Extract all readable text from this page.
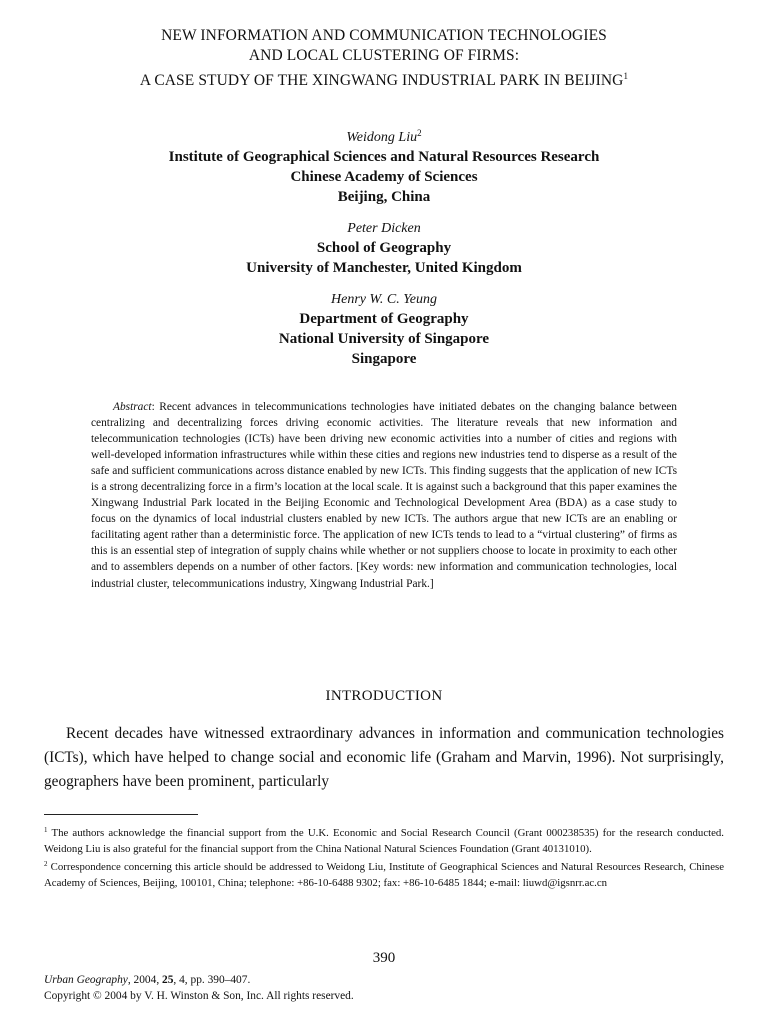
NEW INFORMATION AND COMMUNICATION TECHNOLOGIES
AND LOCAL CLUSTERING OF FIRMS:
A CASE STUDY OF THE XINGWANG INDUSTRIAL PARK IN BEIJING$^1$
Weidong Liu$^2$
Institute of Geographical Sciences and Natural Resources Research
Chinese Academy of Sciences
Beijing, China
Peter Dicken
School of Geography
University of Manchester, United Kingdom
Henry W. C. Yeung
Department of Geography
National University of Singapore
Singapore

Abstract: Recent advances in telecommunications technologies have initiated debates on the changing balance between centralizing and decentralizing forces driving economic activities. The literature reveals that new information and telecommunication technologies (ICTs) have been driving new economic activities into a number of cities and regions with well-developed information infrastructures while within these cities and regions new industries tend to disperse as a result of the safe and sufficient communications across distance enabled by new ICTs. This finding suggests that the application of new ICTs is a strong decentralizing force in a firm’s location at the local scale. It is against such a background that this paper examines the Xingwang Industrial Park located in the Beijing Economic and Technological Development Area (BDA) as a case study to focus on the dynamics of local industrial clusters enabled by new ICTs. The authors argue that new ICTs are an enabling or facilitating agent rather than a deterministic force. The application of new ICTs tends to lead to a “virtual clustering” of firms as this is an essential step of integration of supply chains while whether or not suppliers choose to locate in proximity to each other and to assemblers depends on a number of other factors. [Key words: new information and communication technologies, local industrial cluster, telecommunications industry, Xingwang Industrial Park.]

INTRODUCTION

Recent decades have witnessed extraordinary advances in information and communication technologies (ICTs), which have helped to change social and economic life (Graham and Marvin, 1996). Not surprisingly, geographers have been prominent, particularly

$^1$ The authors acknowledge the financial support from the U.K. Economic and Social Research Council (Grant 000238535) for the research conducted. Weidong Liu is also grateful for the financial support from the China National Natural Sciences Foundation (Grant 40131010).

$^2$ Correspondence concerning this article should be addressed to Weidong Liu, Institute of Geographical Sciences and Natural Resources Research, Chinese Academy of Sciences, Beijing, 100101, China; telephone: +86-10-6488 9302; fax: +86-10-6485 1844; e-mail: liuwd@igsnrr.ac.cn

390
Urban Geography, 2004, 25, 4, pp. 390–407.
Copyright © 2004 by V. H. Winston & Son, Inc. All rights reserved.
